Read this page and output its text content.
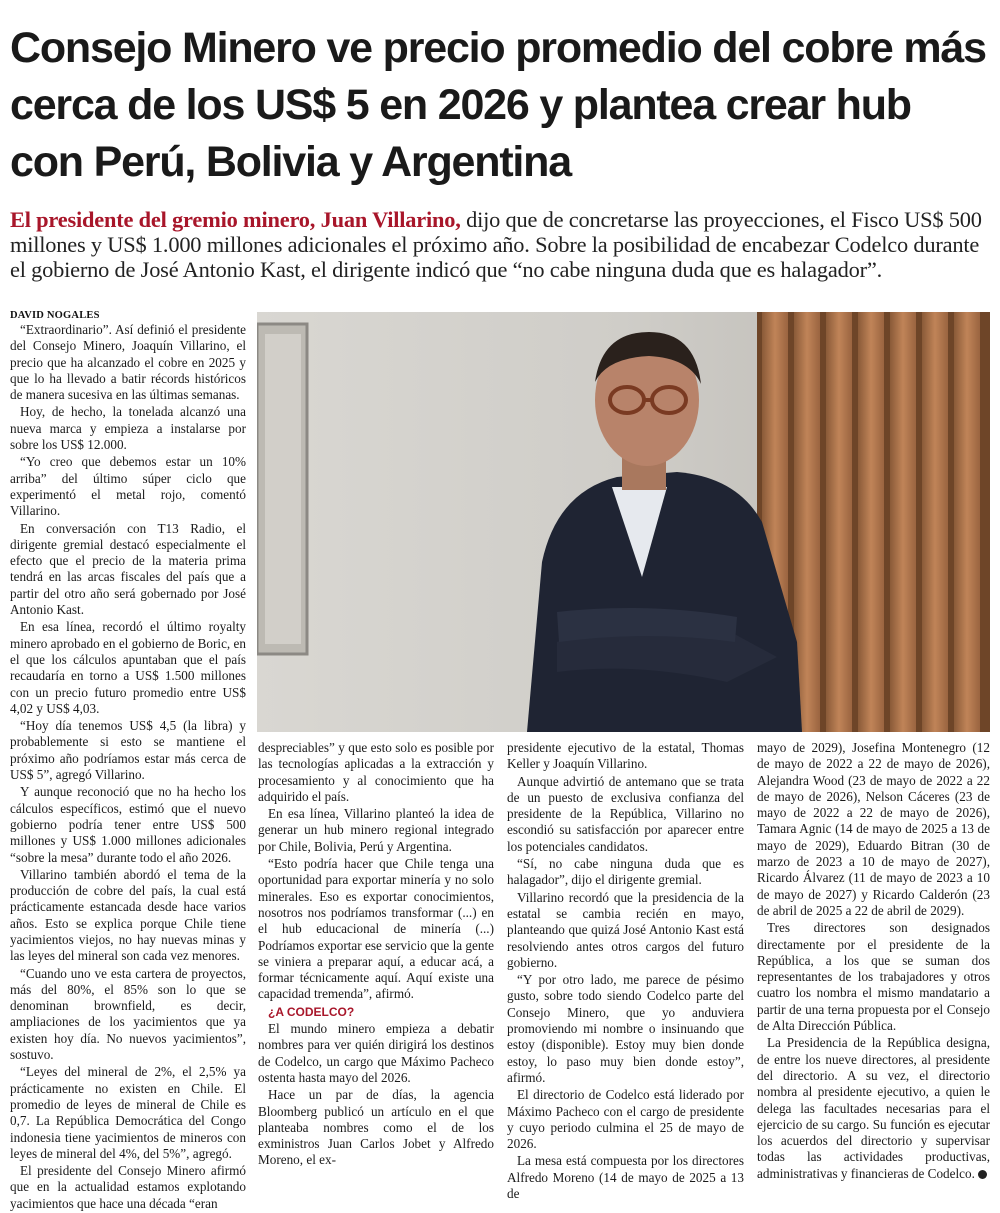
Consejo Minero ve precio promedio del cobre más cerca de los US$ 5 en 2026 y plantea crear hub con Perú, Bolivia y Argentina

El presidente del gremio minero, Juan Villarino, dijo que de concretarse las proyecciones, el Fisco US$ 500 millones y US$ 1.000 millones adicionales el próximo año. Sobre la posibilidad de encabezar Codelco durante el gobierno de José Antonio Kast, el dirigente indicó que “no cabe ninguna duda que es halagador”.

DAVID NOGALES

“Extraordinario”. Así definió el presidente del Consejo Minero, Joaquín Villarino, el precio que ha alcanzado el cobre en 2025 y que lo ha llevado a batir récords históricos de manera sucesiva en las últimas semanas.

Hoy, de hecho, la tonelada alcanzó una nueva marca y empieza a instalarse por sobre los US$ 12.000.

“Yo creo que debemos estar un 10% arriba” del último súper ciclo que experimentó el metal rojo, comentó Villarino.

En conversación con T13 Radio, el dirigente gremial destacó especialmente el efecto que el precio de la materia prima tendrá en las arcas fiscales del país que a partir del otro año será gobernado por José Antonio Kast.

En esa línea, recordó el último royalty minero aprobado en el gobierno de Boric, en el que los cálculos apuntaban que el país recaudaría en torno a US$ 1.500 millones con un precio futuro promedio entre US$ 4,02 y US$ 4,03.

“Hoy día tenemos US$ 4,5 (la libra) y probablemente si esto se mantiene el próximo año podríamos estar más cerca de US$ 5”, agregó Villarino.

Y aunque reconoció que no ha hecho los cálculos específicos, estimó que el nuevo gobierno podría tener entre US$ 500 millones y US$ 1.000 millones adicionales “sobre la mesa” durante todo el año 2026.

Villarino también abordó el tema de la producción de cobre del país, la cual está prácticamente estancada desde hace varios años. Esto se explica porque Chile tiene yacimientos viejos, no hay nuevas minas y las leyes del mineral son cada vez menores.

“Cuando uno ve esta cartera de proyectos, más del 80%, el 85% son lo que se denominan brownfield, es decir, ampliaciones de los yacimientos que ya existen hoy día. No nuevos yacimientos”, sostuvo.

“Leyes del mineral de 2%, el 2,5% ya prácticamente no existen en Chile. El promedio de leyes de mineral de Chile es 0,7. La República Democrática del Congo indonesia tiene yacimientos de mineros con leyes de mineral del 4%, del 5%”, agregó.

El presidente del Consejo Minero afirmó que en la actualidad estamos explotando yacimientos que hace una década “eran

despreciables” y que esto solo es posible por las tecnologías aplicadas a la extracción y procesamiento y al conocimiento que ha adquirido el país.

En esa línea, Villarino planteó la idea de generar un hub minero regional integrado por Chile, Bolivia, Perú y Argentina.

“Esto podría hacer que Chile tenga una oportunidad para exportar minería y no solo minerales. Eso es exportar conocimientos, nosotros nos podríamos transformar (...) en el hub educacional de minería (...) Podríamos exportar ese servicio que la gente se viniera a preparar aquí, a educar acá, a formar técnicamente aquí. Aquí existe una capacidad tremenda”, afirmó.

¿A CODELCO?

El mundo minero empieza a debatir nombres para ver quién dirigirá los destinos de Codelco, un cargo que Máximo Pacheco ostenta hasta mayo del 2026.

Hace un par de días, la agencia Bloomberg publicó un artículo en el que planteaba nombres como el de los exministros Juan Carlos Jobet y Alfredo Moreno, el ex-

presidente ejecutivo de la estatal, Thomas Keller y Joaquín Villarino.

Aunque advirtió de antemano que se trata de un puesto de exclusiva confianza del presidente de la República, Villarino no escondió su satisfacción por aparecer entre los potenciales candidatos.

“Sí, no cabe ninguna duda que es halagador”, dijo el dirigente gremial.

Villarino recordó que la presidencia de la estatal se cambia recién en mayo, planteando que quizá José Antonio Kast está resolviendo antes otros cargos del futuro gobierno.

“Y por otro lado, me parece de pésimo gusto, sobre todo siendo Codelco parte del Consejo Minero, que yo anduviera promoviendo mi nombre o insinuando que estoy (disponible). Estoy muy bien donde estoy, lo paso muy bien donde estoy”, afirmó.

El directorio de Codelco está liderado por Máximo Pacheco con el cargo de presidente y cuyo periodo culmina el 25 de mayo de 2026.

La mesa está compuesta por los directores Alfredo Moreno (14 de mayo de 2025 a 13 de

mayo de 2029), Josefina Montenegro (12 de mayo de 2022 a 22 de mayo de 2026), Alejandra Wood (23 de mayo de 2022 a 22 de mayo de 2026), Nelson Cáceres (23 de mayo de 2022 a 22 de mayo de 2026), Tamara Agnic (14 de mayo de 2025 a 13 de mayo de 2029), Eduardo Bitran (30 de marzo de 2023 a 10 de mayo de 2027), Ricardo Álvarez (11 de mayo de 2023 a 10 de mayo de 2027) y Ricardo Calderón (23 de abril de 2025 a 22 de abril de 2029).

Tres directores son designados directamente por el presidente de la República, a los que se suman dos representantes de los trabajadores y otros cuatro los nombra el mismo mandatario a partir de una terna propuesta por el Consejo de Alta Dirección Pública.

La Presidencia de la República designa, de entre los nueve directores, al presidente del directorio. A su vez, el directorio nombra al presidente ejecutivo, a quien le delega las facultades necesarias para el ejercicio de su cargo. Su función es ejecutar los acuerdos del directorio y supervisar todas las actividades productivas, administrativas y financieras de Codelco. P
